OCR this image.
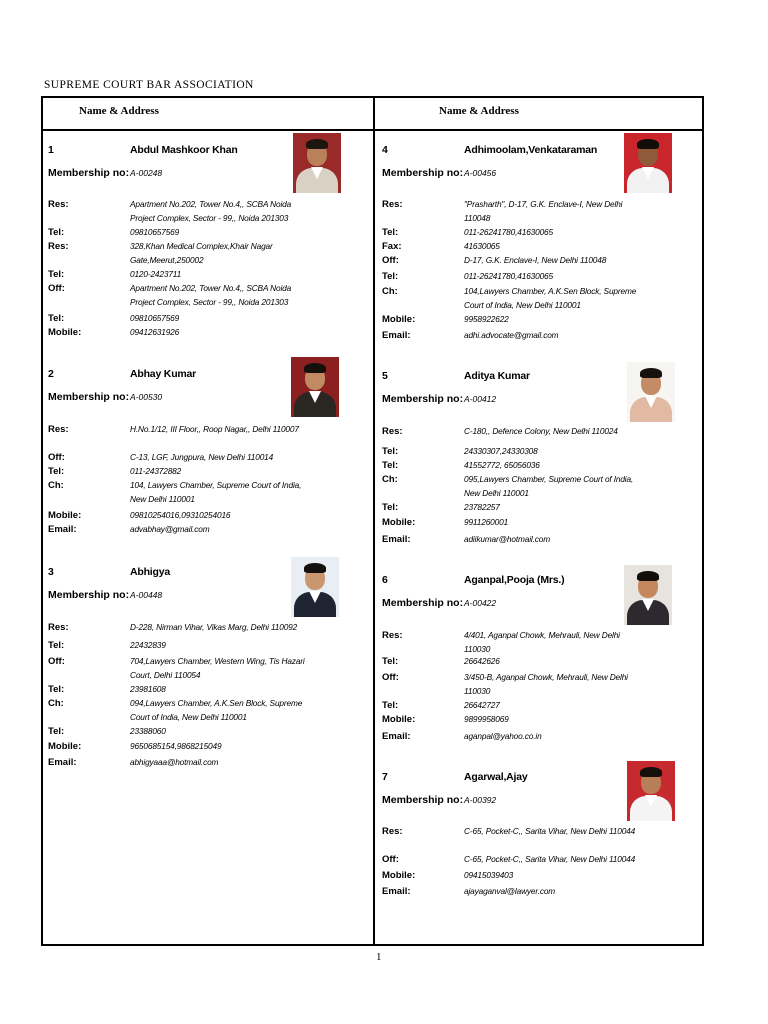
SUPREME COURT BAR ASSOCIATION
Name & Address	Name & Address
1	Abdul Mashkoor Khan
Membership no: A-00248
Res:	Apartment No.202, Tower No.4,, SCBA Noida Project Complex, Sector - 99,, Noida 201303
Tel:	09810657569
Res:	328,Khan Medical Complex,Khair Nagar Gate,Meerut,250002
Tel:	0120-2423711
Off:	Apartment No.202, Tower No.4,, SCBA Noida Project Complex, Sector - 99,, Noida 201303
Tel:	09810657569
Mobile:	09412631926
2	Abhay Kumar
Membership no: A-00530
Res:	H.No.1/12, III Floor,, Roop Nagar,, Delhi 110007
Off:	C-13, LGF, Jungpura, New Delhi 110014
Tel:	011-24372882
Ch:	104, Lawyers Chamber, Supreme Court of India, New Delhi 110001
Mobile:	09810254016,09310254016
Email:	advabhay@gmail.com
3	Abhigya
Membership no: A-00448
Res:	D-228, Nirman Vihar, Vikas Marg, Delhi 110092
Tel:	22432839
Off:	704,Lawyers Chamber, Western Wing, Tis Hazari Court, Delhi 110054
Tel:	23981608
Ch:	094,Lawyers Chamber, A.K.Sen Block, Supreme Court of India, New Delhi 110001
Tel:	23388060
Mobile:	9650685154,9868215049
Email:	abhigyaaa@hotmail.com
4	Adhimoolam,Venkataraman
Membership no: A-00456
Res:	"Prasharth", D-17, G.K. Enclave-I, New Delhi 110048
Tel:	011-26241780,41630065
Fax:	41630065
Off:	D-17, G.K. Enclave-I, New Delhi 110048
Tel:	011-26241780,41630065
Ch:	104,Lawyers Chamber, A.K.Sen Block, Supreme Court of India, New Delhi 110001
Mobile:	9958922622
Email:	adhi.advocate@gmail.com
5	Aditya Kumar
Membership no: A-00412
Res:	C-180,, Defence Colony, New Delhi 110024
Tel:	24330307,24330308
Tel:	41552772, 65056036
Ch:	095,Lawyers Chamber, Supreme Court of India, New Delhi 110001
Tel:	23782257
Mobile:	9911260001
Email:	adiikumar@hotmail.com
6	Aganpal,Pooja (Mrs.)
Membership no: A-00422
Res:	4/401, Aganpal Chowk, Mehrauli, New Delhi 110030
Tel:	26642626
Off:	3/450-B, Aganpal Chowk, Mehrauli, New Delhi 110030
Tel:	26642727
Mobile:	9899958069
Email:	aganpal@yahoo.co.in
7	Agarwal,Ajay
Membership no: A-00392
Res:	C-65, Pocket-C,, Sarita Vihar, New Delhi 110044
Off:	C-65, Pocket-C,, Sarita Vihar, New Delhi 110044
Mobile:	09415039403
Email:	ajayaganval@lawyer.com
1
